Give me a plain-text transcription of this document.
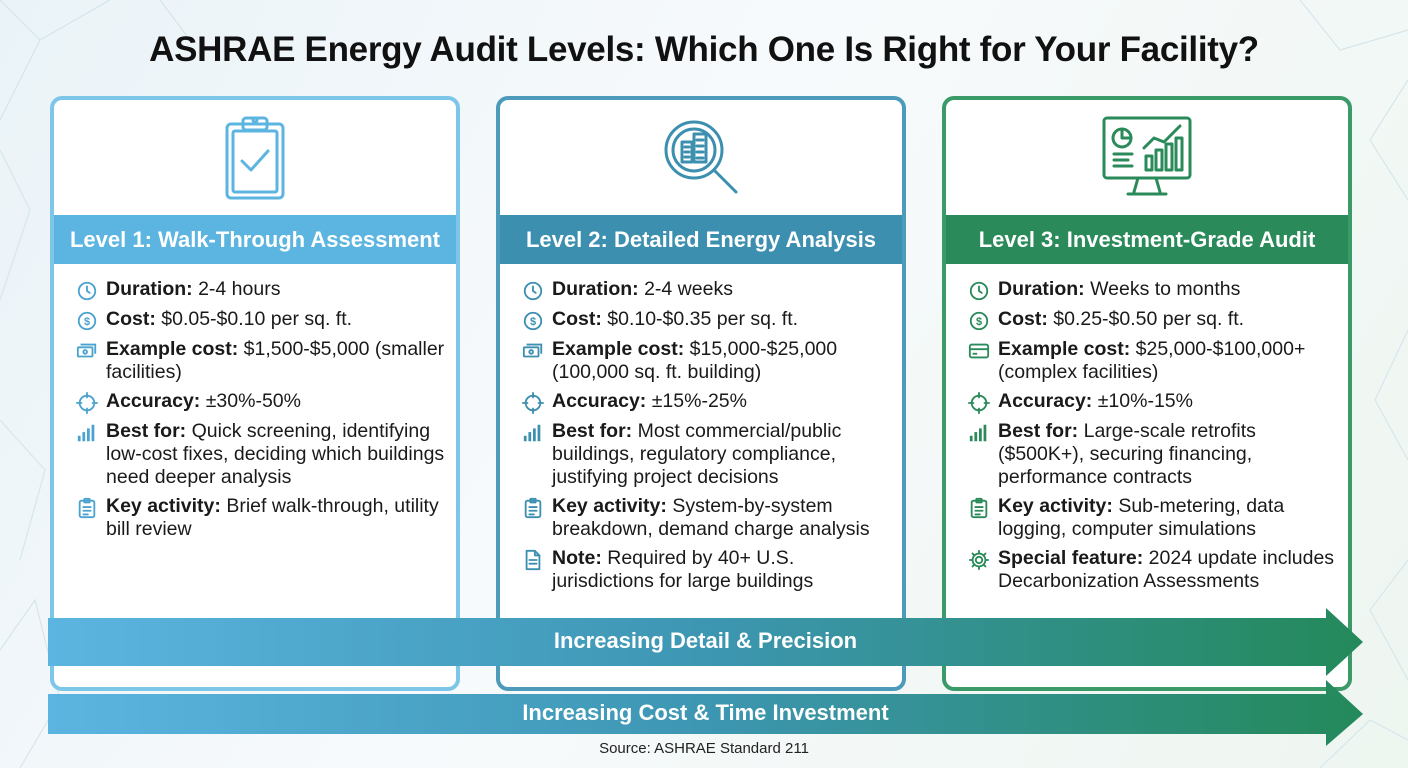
ASHRAE Energy Audit Levels: Which One Is Right for Your Facility?
Level 1: Walk-Through Assessment
Duration: 2-4 hours
$ Cost: $0.05-$0.10 per sq. ft.
Example cost: $1,500-$5,000 (smaller facilities)
Accuracy: ±30%-50%
Best for: Quick screening, identifying low-cost fixes, deciding which buildings need deeper analysis
Key activity: Brief walk-through, utility bill review
Level 2: Detailed Energy Analysis
Duration: 2-4 weeks
$ Cost: $0.10-$0.35 per sq. ft.
Example cost: $15,000-$25,000 (100,000 sq. ft. building)
Accuracy: ±15%-25%
Best for: Most commercial/public buildings, regulatory compliance, justifying project decisions
Key activity: System-by-system breakdown, demand charge analysis
Note: Required by 40+ U.S. jurisdictions for large buildings
Level 3: Investment-Grade Audit
Duration: Weeks to months
$ Cost: $0.25-$0.50 per sq. ft.
Example cost: $25,000-$100,000+ (complex facilities)
Accuracy: ±10%-15%
Best for: Large-scale retrofits ($500K+), securing financing, performance contracts
Key activity: Sub-metering, data logging, computer simulations
Special feature: 2024 update includes Decarbonization Assessments
Increasing Detail & Precision
Increasing Cost & Time Investment
Source: ASHRAE Standard 211
